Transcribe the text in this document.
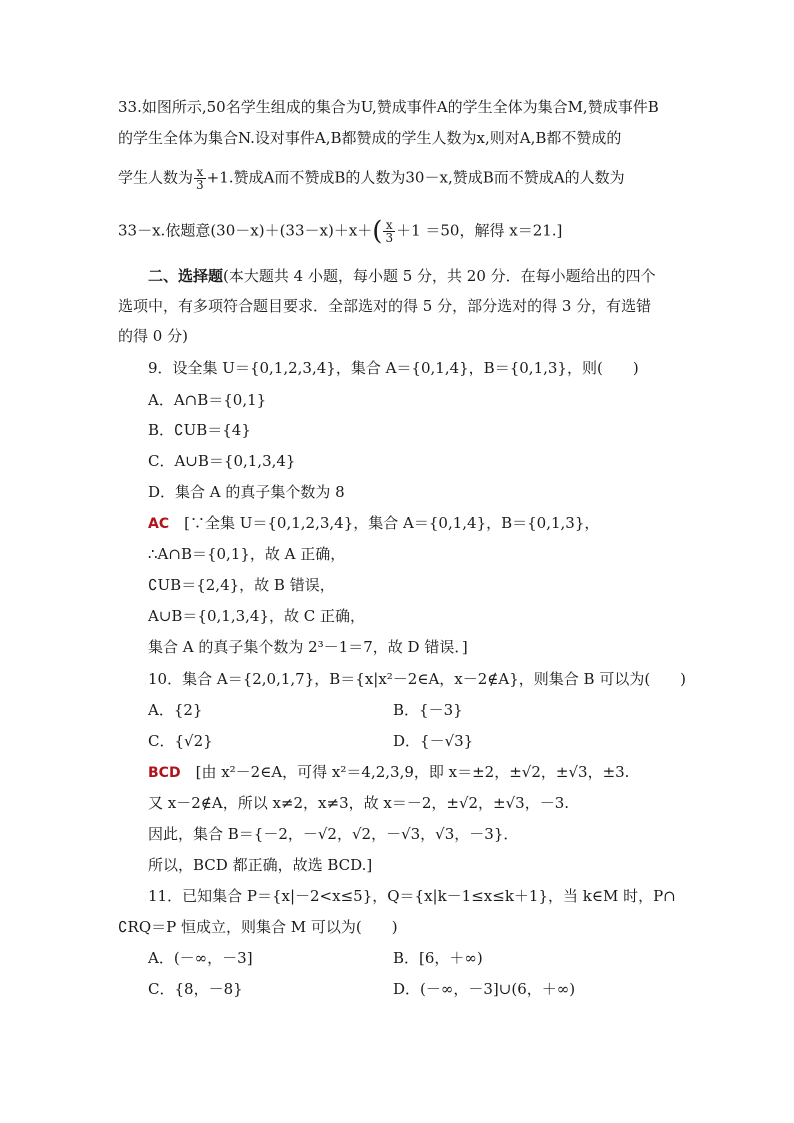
33.如图所示,50名学生组成的集合为U,赞成事件A的学生全体为集合M,赞成事件B
的学生全体为集合N.设对事件A,B都赞成的学生人数为x,则对A,B都不赞成的
学生人数为 $\frac{x}{3} +1$.赞成A而不赞成B的人数为30－x,赞成B而不赞成A的人数为
33－x.依题意$(30-x)+(33-x)+x+( \frac{x}{3} +1 =50$，解得 x＝21.]
二、选择题(本大题共 4 小题，每小题 5 分，共 20 分．在每小题给出的四个
选项中，有多项符合题目要求．全部选对的得 5 分，部分选对的得 3 分，有选错
的得 0 分)
9．设全集 U＝{0,1,2,3,4}，集合 A＝{0,1,4}，B＝{0,1,3}，则(　　)
A．A∩B＝{0,1}
B．∁UB＝{4}
C．A∪B＝{0,1,3,4}
D．集合 A 的真子集个数为 8
AC　 [∵全集 U＝{0,1,2,3,4}，集合 A＝{0,1,4}，B＝{0,1,3}，
∴A∩B＝{0,1}，故 A 正确，
∁UB＝{2,4}，故 B 错误，
A∪B＝{0,1,3,4}，故 C 正确，
集合 A 的真子集个数为 2³－1＝7，故 D 错误．]
10．集合 A＝{2,0,1,7}，B＝{x|x²－2∈A，x－2∉A}，则集合 B 可以为(　　)
A．{2}	B．{－3}
C．{√2}	D．{－√3}
BCD　 [由 x²－2∈A，可得 x²＝4,2,3,9，即 x＝±2，±√2，±√3，±3.
又 x－2∉A，所以 x≠2，x≠3，故 x＝－2，±√2，±√3，－3.
因此，集合 B＝{－2，－√2，√2，－√3，√3，－3}．
所以，BCD 都正确，故选 BCD.]
11．已知集合 P＝{x|－2<x≤5}，Q＝{x|k－1≤x≤k＋1}，当 k∈M 时，P∩
∁RQ＝P 恒成立，则集合 M 可以为(　　)
A．(－∞，－3]	B．[6，＋∞)
C．{8，－8}	D．(－∞，－3]∪(6，＋∞)
